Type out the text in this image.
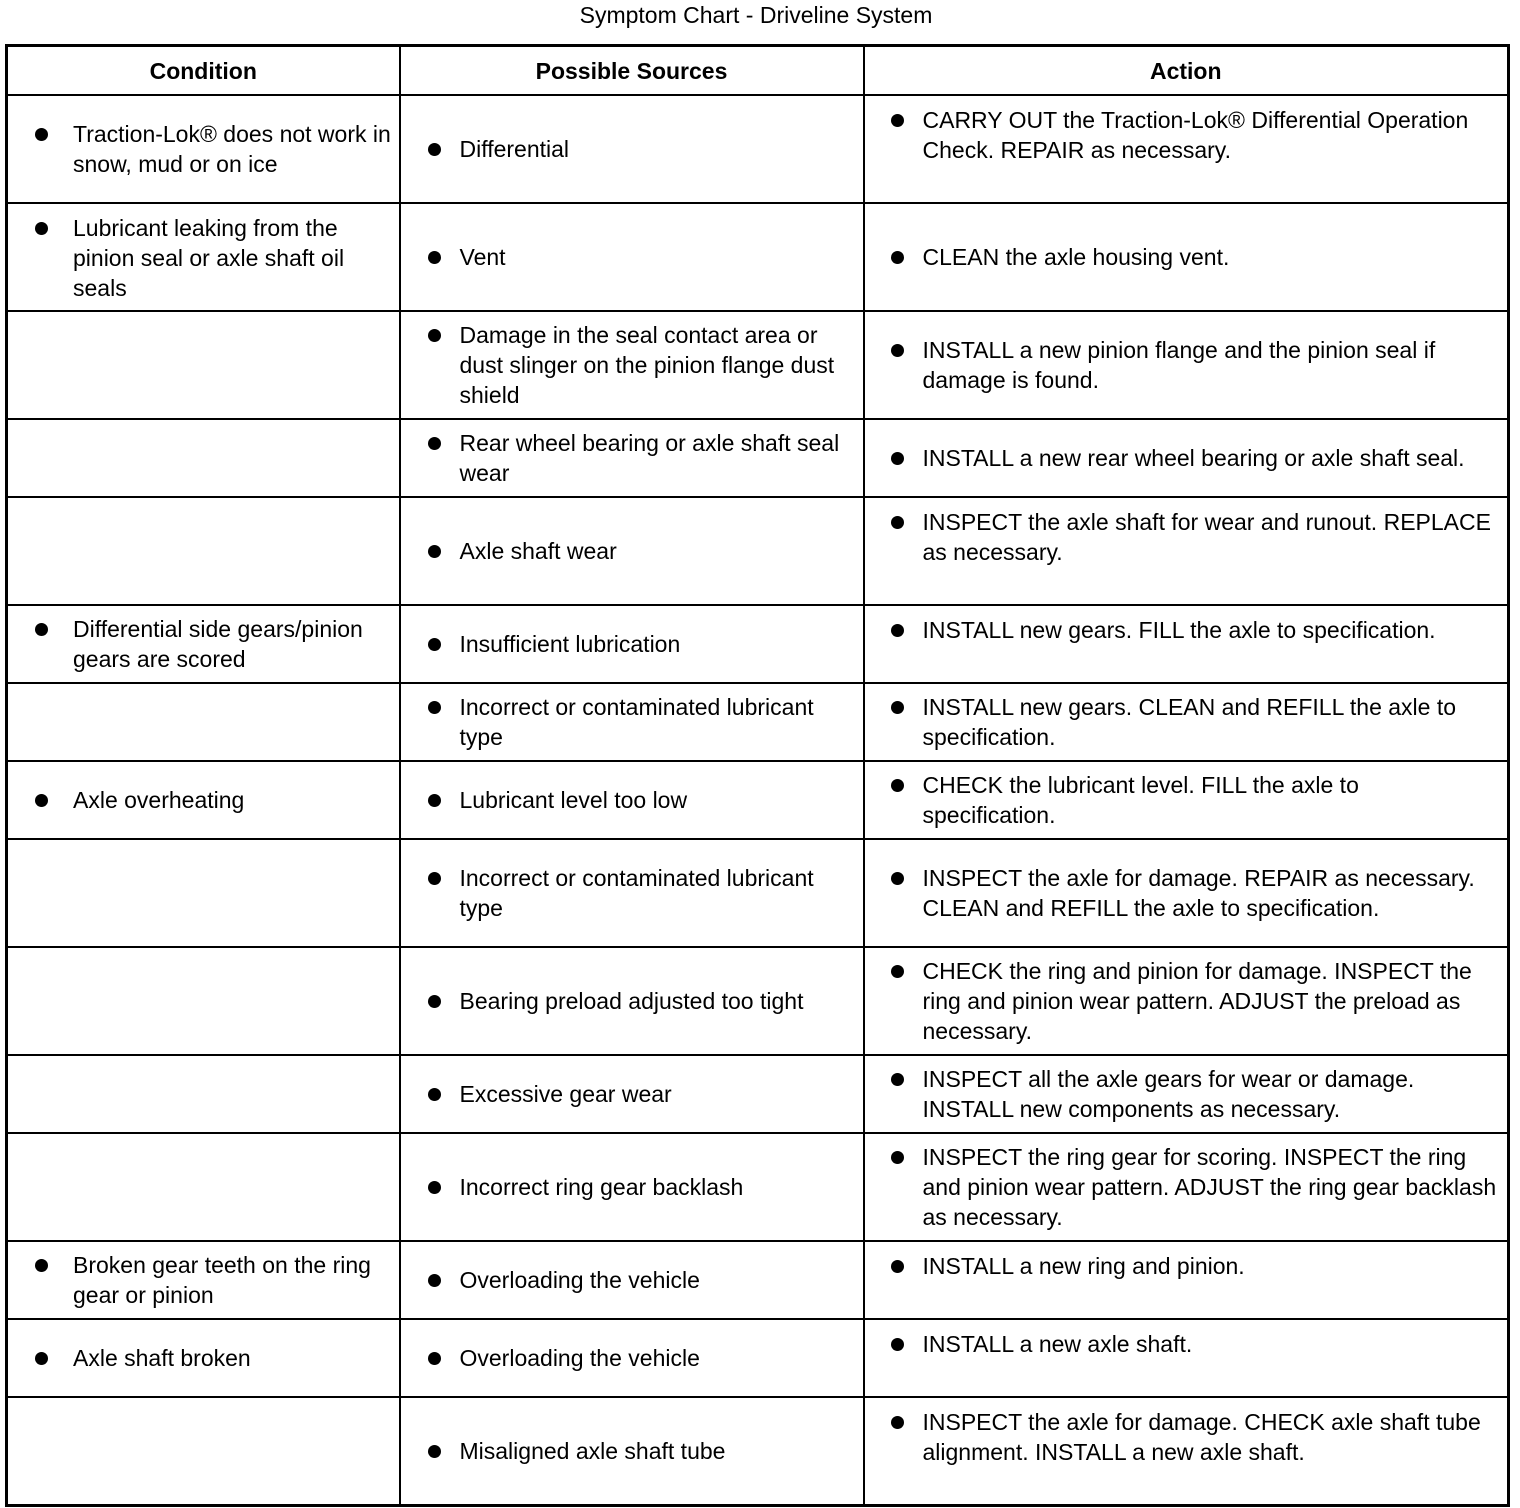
Symptom Chart - Driveline System
Condition	Possible Sources	Action

Traction-Lok® does not work in snow, mud or on ice	Differential	CARRY OUT the Traction-Lok® Differential Operation Check. REPAIR as necessary.

Lubricant leaking from the pinion seal or axle shaft oil seals	Vent	CLEAN the axle housing vent.

	Damage in the seal contact area or dust slinger on the pinion flange dust shield	INSTALL a new pinion flange and the pinion seal if damage is found.

	Rear wheel bearing or axle shaft seal wear	INSTALL a new rear wheel bearing or axle shaft seal.

	Axle shaft wear	INSPECT the axle shaft for wear and runout. REPLACE as necessary.

Differential side gears/pinion gears are scored	Insufficient lubrication	INSTALL new gears. FILL the axle to specification.

	Incorrect or contaminated lubricant type	INSTALL new gears. CLEAN and REFILL the axle to specification.

Axle overheating	Lubricant level too low	CHECK the lubricant level. FILL the axle to specification.

	Incorrect or contaminated lubricant type	INSPECT the axle for damage. REPAIR as necessary. CLEAN and REFILL the axle to specification.

	Bearing preload adjusted too tight	CHECK the ring and pinion for damage. INSPECT the ring and pinion wear pattern. ADJUST the preload as necessary.

	Excessive gear wear	INSPECT all the axle gears for wear or damage. INSTALL new components as necessary.

	Incorrect ring gear backlash	INSPECT the ring gear for scoring. INSPECT the ring and pinion wear pattern. ADJUST the ring gear backlash as necessary.

Broken gear teeth on the ring gear or pinion	Overloading the vehicle	INSTALL a new ring and pinion.

Axle shaft broken	Overloading the vehicle	INSTALL a new axle shaft.

	Misaligned axle shaft tube	INSPECT the axle for damage. CHECK axle shaft tube alignment. INSTALL a new axle shaft.
